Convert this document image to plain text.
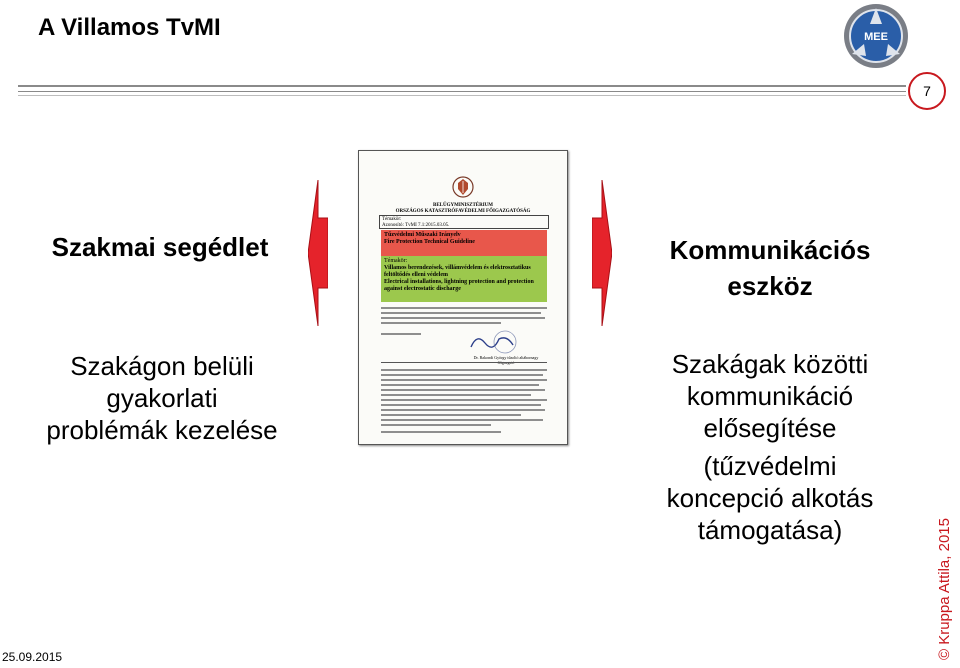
A Villamos TvMI	MEE
7
Szakmai segédlet
Szakágon belüli
gyakorlati
problémák kezelése
BELÜGYMINISZTÉRIUM
ORSZÁGOS KATASZTRÓFAVÉDELMI FŐIGAZGATÓSÁG
Témakör:
Azonosító: TvMI 7.1:2015.03.05.
Tűzvédelmi Műszaki Irányelv
Fire Protection Technical Guideline
Témakör:
Villamos berendezések, villámvédelem és elektrosztatikus feltöltődés elleni védelem
Electrical installations, lightning protection and protection against electrostatic discharge
Dr. Bakondi György tűzoltó altábornagy főigazgató
Kommunikációs
eszköz
Szakágak közötti
kommunikáció
elősegítése
(tűzvédelmi
koncepció alkotás
támogatása)
25.09.2015	© Kruppa Attila, 2015
